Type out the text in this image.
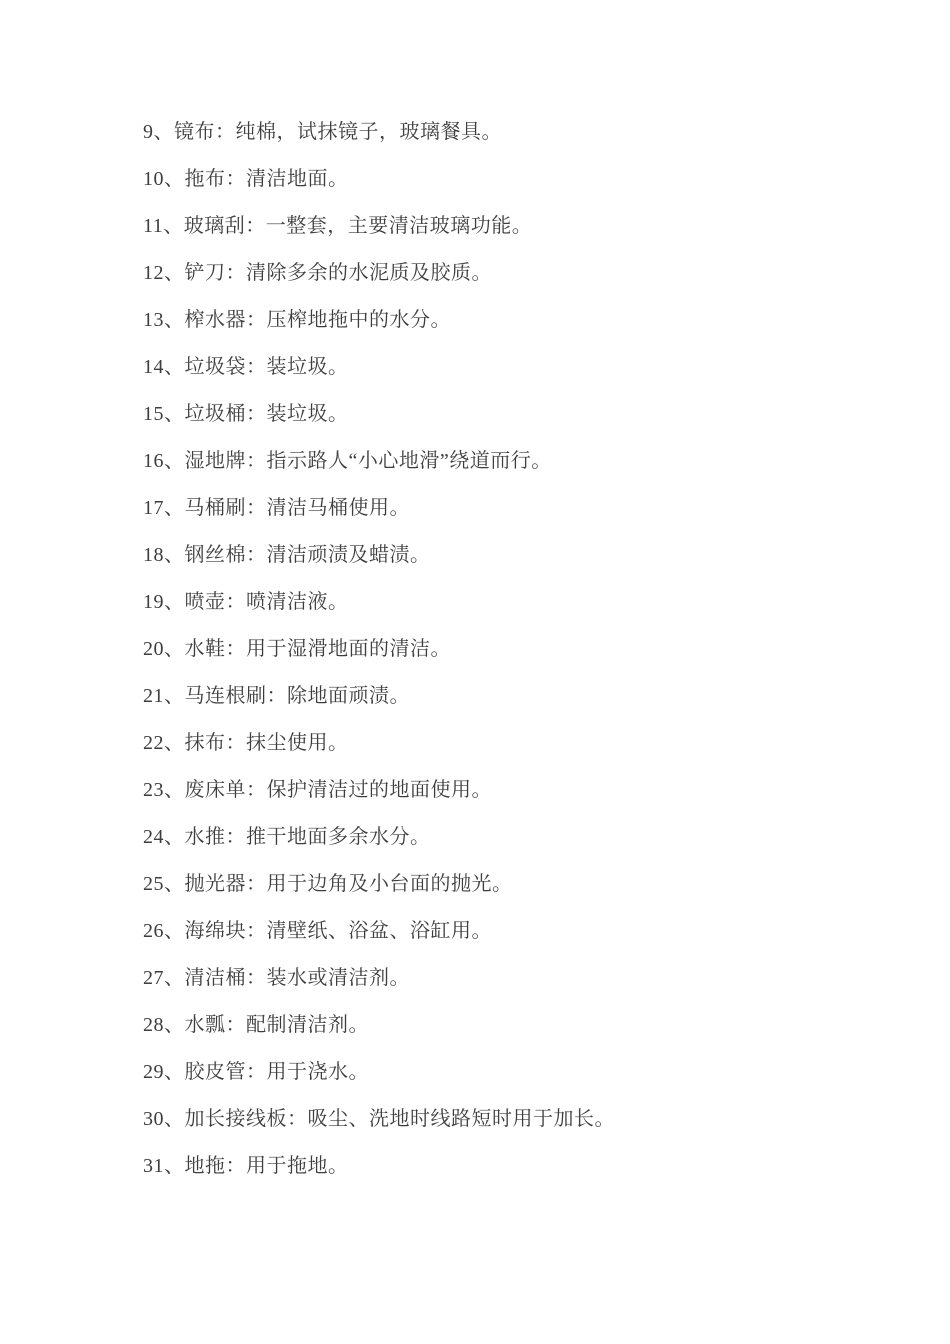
9、镜布：纯棉，试抹镜子，玻璃餐具。

10、拖布：清洁地面。

11、玻璃刮：一整套，主要清洁玻璃功能。

12、铲刀：清除多余的水泥质及胶质。

13、榨水器：压榨地拖中的水分。

14、垃圾袋：装垃圾。

15、垃圾桶：装垃圾。

16、湿地牌：指示路人“小心地滑”绕道而行。

17、马桶刷：清洁马桶使用。

18、钢丝棉：清洁顽渍及蜡渍。

19、喷壶：喷清洁液。

20、水鞋：用于湿滑地面的清洁。

21、马连根刷：除地面顽渍。

22、抹布：抹尘使用。

23、废床单：保护清洁过的地面使用。

24、水推：推干地面多余水分。

25、抛光器：用于边角及小台面的抛光。

26、海绵块：清壁纸、浴盆、浴缸用。

27、清洁桶：装水或清洁剂。

28、水瓢：配制清洁剂。

29、胶皮管：用于浇水。

30、加长接线板：吸尘、洗地时线路短时用于加长。

31、地拖：用于拖地。
